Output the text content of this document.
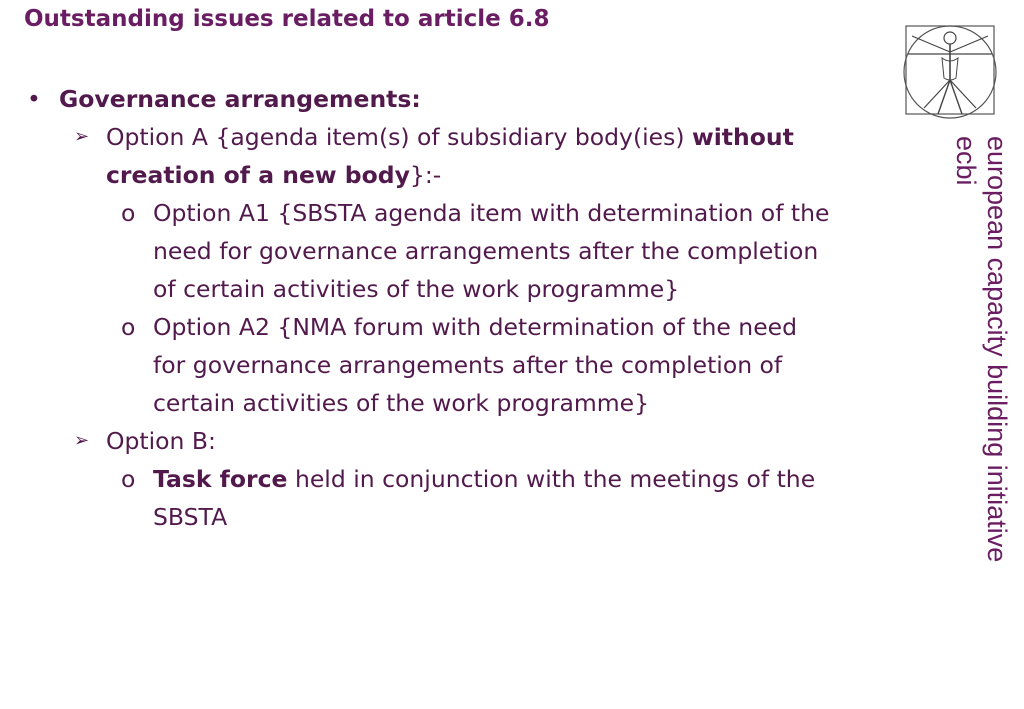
Outstanding issues related to article 6.8
• Governance arrangements:
➢ Option A {agenda item(s) of subsidiary body(ies) without
creation of a new body}:-
o Option A1 {SBSTA agenda item with determination of the
need for governance arrangements after the completion
of certain activities of the work programme}
o Option A2 {NMA forum with determination of the need
for governance arrangements after the completion of
certain activities of the work programme}
➢ Option B:
o Task force held in conjunction with the meetings of the
SBSTA	european capacity building initiative
ecbi
